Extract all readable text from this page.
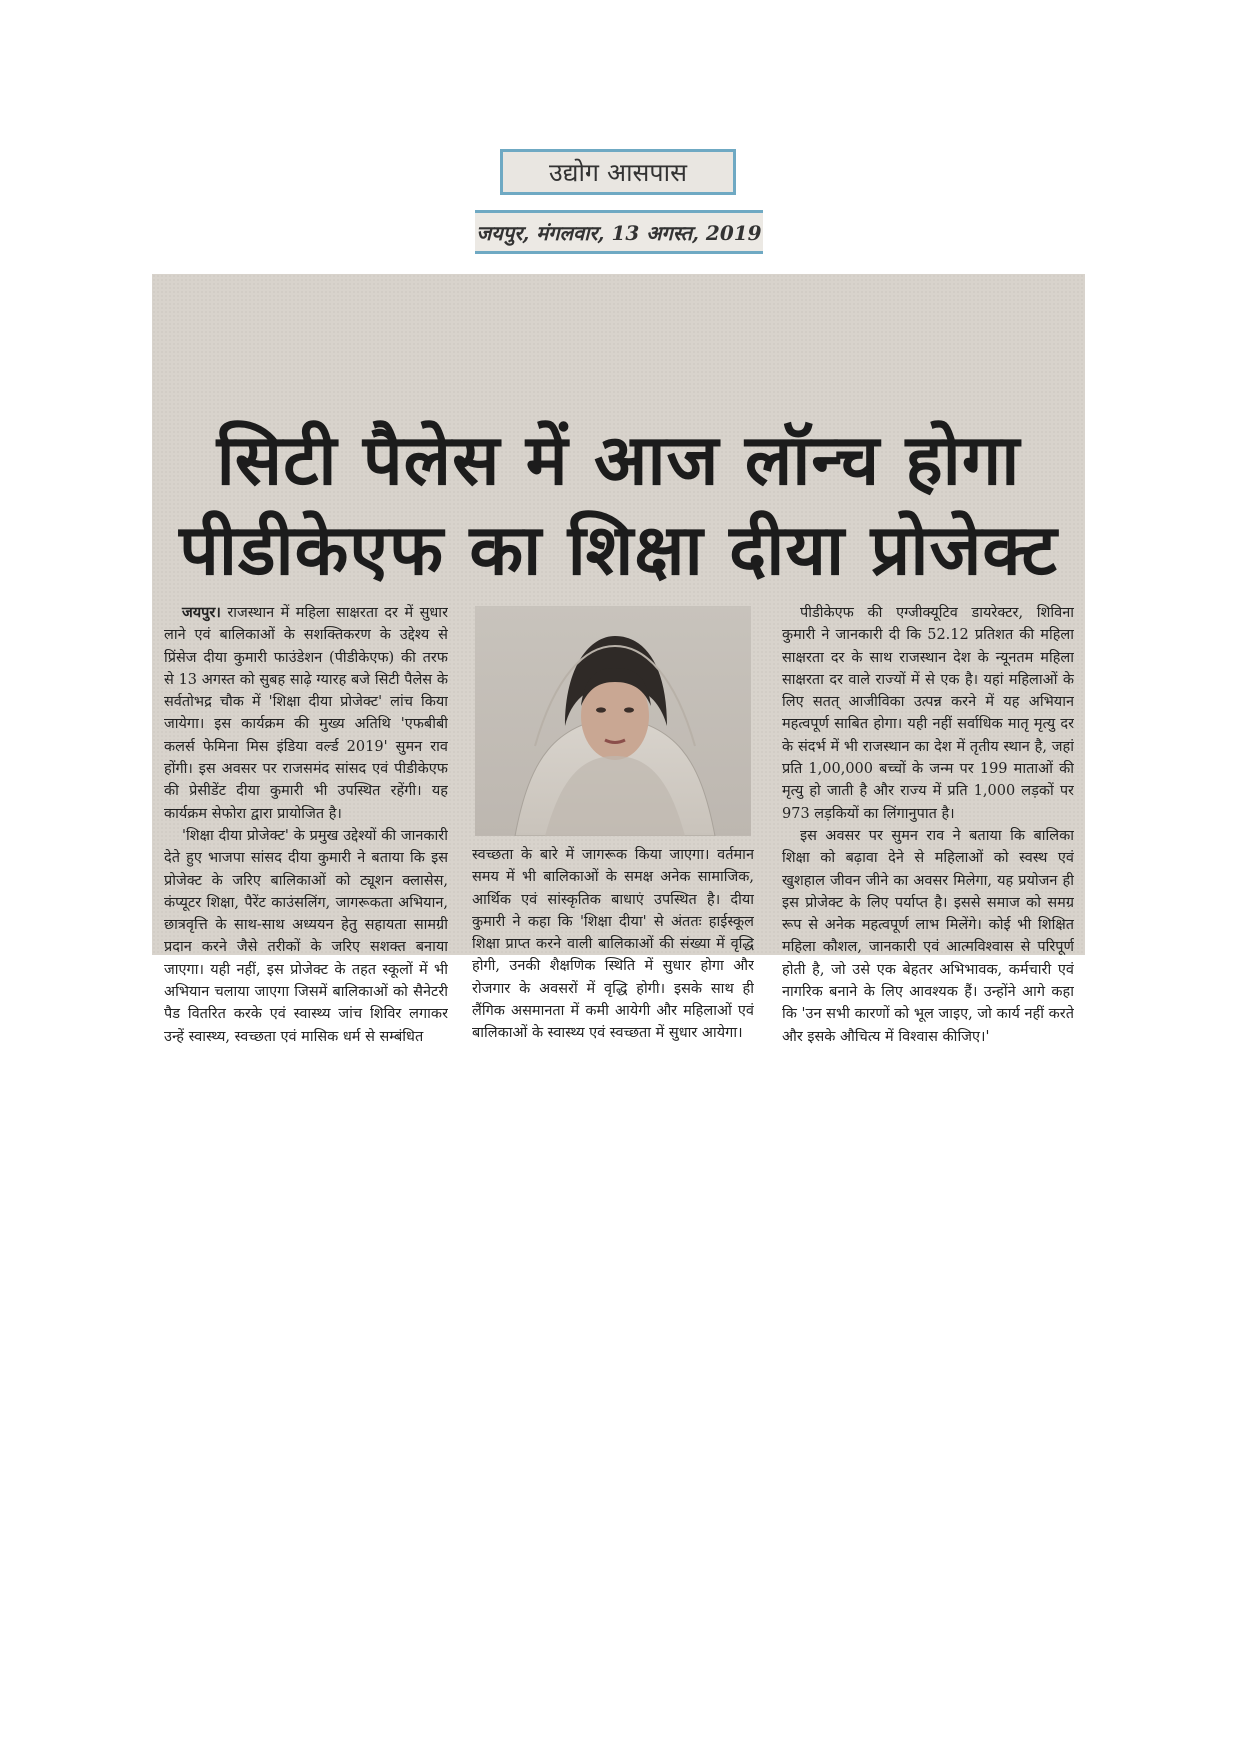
उद्योग आसपास
जयपुर, मंगलवार, 13 अगस्त, 2019
सिटी पैलेस में आज लॉन्च होगा
पीडीकेएफ का शिक्षा दीया प्रोजेक्ट

जयपुर। राजस्थान में महिला साक्षरता दर में सुधार लाने एवं बालिकाओं के सशक्तिकरण के उद्देश्य से प्रिंसेज दीया कुमारी फाउंडेशन (पीडीकेएफ) की तरफ से 13 अगस्त को सुबह साढ़े ग्यारह बजे सिटी पैलेस के सर्वतोभद्र चौक में 'शिक्षा दीया प्रोजेक्ट' लांच किया जायेगा। इस कार्यक्रम की मुख्य अतिथि 'एफबीबी कलर्स फेमिना मिस इंडिया वर्ल्ड 2019' सुमन राव होंगी। इस अवसर पर राजसमंद सांसद एवं पीडीकेएफ की प्रेसीडेंट दीया कुमारी भी उपस्थित रहेंगी। यह कार्यक्रम सेफोरा द्वारा प्रायोजित है।

'शिक्षा दीया प्रोजेक्ट' के प्रमुख उद्देश्यों की जानकारी देते हुए भाजपा सांसद दीया कुमारी ने बताया कि इस प्रोजेक्ट के जरिए बालिकाओं को ट्यूशन क्लासेस, कंप्यूटर शिक्षा, पैरेंट काउंसलिंग, जागरूकता अभियान, छात्रवृत्ति के साथ-साथ अध्ययन हेतु सहायता सामग्री प्रदान करने जैसे तरीकों के जरिए सशक्त बनाया जाएगा। यही नहीं, इस प्रोजेक्ट के तहत स्कूलों में भी अभियान चलाया जाएगा जिसमें बालिकाओं को सैनेटरी पैड वितरित करके एवं स्वास्थ्य जांच शिविर लगाकर उन्हें स्वास्थ्य, स्वच्छता एवं मासिक धर्म से सम्बंधित

स्वच्छता के बारे में जागरूक किया जाएगा। वर्तमान समय में भी बालिकाओं के समक्ष अनेक सामाजिक, आर्थिक एवं सांस्कृतिक बाधाएं उपस्थित है। दीया कुमारी ने कहा कि 'शिक्षा दीया' से अंततः हाईस्कूल शिक्षा प्राप्त करने वाली बालिकाओं की संख्या में वृद्धि होगी, उनकी शैक्षणिक स्थिति में सुधार होगा और रोजगार के अवसरों में वृद्धि होगी। इसके साथ ही लैंगिक असमानता में कमी आयेगी और महिलाओं एवं बालिकाओं के स्वास्थ्य एवं स्वच्छता में सुधार आयेगा।

पीडीकेएफ की एग्जीक्यूटिव डायरेक्टर, शिविना कुमारी ने जानकारी दी कि 52.12 प्रतिशत की महिला साक्षरता दर के साथ राजस्थान देश के न्यूनतम महिला साक्षरता दर वाले राज्यों में से एक है। यहां महिलाओं के लिए सतत् आजीविका उत्पन्न करने में यह अभियान महत्वपूर्ण साबित होगा। यही नहीं सर्वाधिक मातृ मृत्यु दर के संदर्भ में भी राजस्थान का देश में तृतीय स्थान है, जहां प्रति 1,00,000 बच्चों के जन्म पर 199 माताओं की मृत्यु हो जाती है और राज्य में प्रति 1,000 लड़कों पर 973 लड़कियों का लिंगानुपात है।

इस अवसर पर सुमन राव ने बताया कि बालिका शिक्षा को बढ़ावा देने से महिलाओं को स्वस्थ एवं खुशहाल जीवन जीने का अवसर मिलेगा, यह प्रयोजन ही इस प्रोजेक्ट के लिए पर्याप्त है। इससे समाज को समग्र रूप से अनेक महत्वपूर्ण लाभ मिलेंगे। कोई भी शिक्षित महिला कौशल, जानकारी एवं आत्मविश्वास से परिपूर्ण होती है, जो उसे एक बेहतर अभिभावक, कर्मचारी एवं नागरिक बनाने के लिए आवश्यक हैं। उन्होंने आगे कहा कि 'उन सभी कारणों को भूल जाइए, जो कार्य नहीं करते और इसके औचित्य में विश्वास कीजिए।'
